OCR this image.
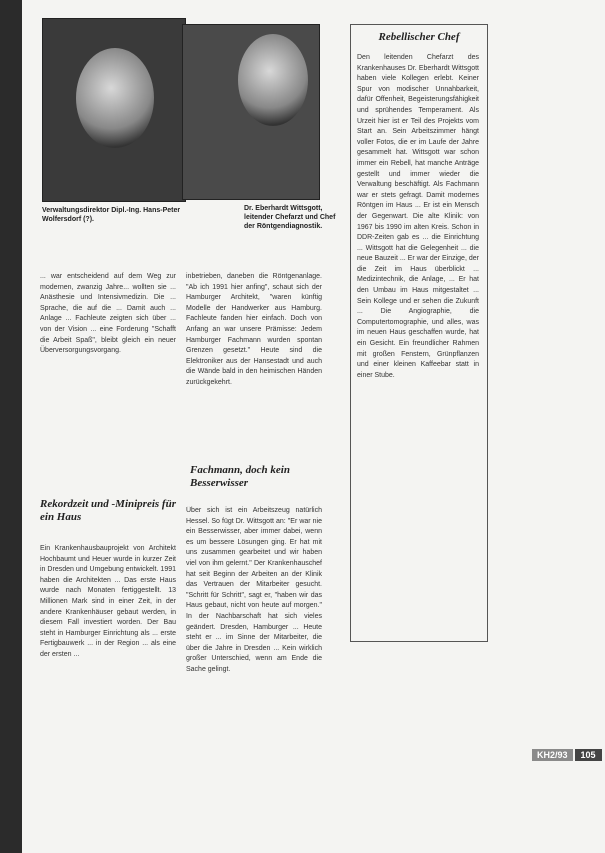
Verwaltungsdirektor Dipl.-Ing. Hans-Peter Wolfersdorf (?).
Dr. Eberhardt Wittsgott, leitender Chefarzt und Chef der Röntgendiagnostik.

... war entscheidend auf dem Weg zur modernen, zwanzig Jahre... wollten sie ... Anästhesie und Intensivmedizin. Die ... Sprache, die auf die ... Damit auch ... Anlage ... Fachleute zeigten sich über ... von der Vision ... eine Forderung "Schafft die Arbeit Spaß", bleibt gleich ein neuer Überversorgungsvorgang.

Rekordzeit und -Minipreis für ein Haus

Ein Krankenhausbauprojekt von Architekt Hochbaumt und Heuer wurde in kurzer Zeit in Dresden und Umgebung entwickelt. 1991 haben die Architekten ... Das erste Haus wurde nach Monaten fertiggestellt. 13 Millionen Mark sind in einer Zeit, in der andere Krankenhäuser gebaut werden, in diesem Fall investiert worden. Der Bau steht in Hamburger Einrichtung als ... erste Fertigbauwerk ... in der Region ... als eine der ersten ...

inbetrieben, daneben die Röntgenanlage. "Ab ich 1991 hier anfing", schaut sich der Hamburger Architekt, "waren künftig Modelle der Handwerker aus Hamburg. Fachleute fanden hier einfach. Doch von Anfang an war unsere Prämisse: Jedem Hamburger Fachmann wurden spontan Grenzen gesetzt." Heute sind die Elektroniker aus der Hansestadt und auch die Wände bald in den heimischen Händen zurückgekehrt.

Fachmann, doch kein Besserwisser

Über sich ist ein Arbeitszeug natürlich Hessel. So fügt Dr. Wittsgott an: "Er war nie ein Besserwisser, aber immer dabei, wenn es um bessere Lösungen ging. Er hat mit uns zusammen gearbeitet und wir haben viel von ihm gelernt." Der Krankenhauschef hat seit Beginn der Arbeiten an der Klinik das Vertrauen der Mitarbeiter gesucht. "Schritt für Schritt", sagt er, "haben wir das Haus gebaut, nicht von heute auf morgen." In der Nachbarschaft hat sich vieles geändert. Dresden, Hamburger ... Heute steht er ... im Sinne der Mitarbeiter, die über die Jahre in Dresden ... Kein wirklich großer Unterschied, wenn am Ende die Sache gelingt.

Rebellischer Chef
Den leitenden Chefarzt des Krankenhauses Dr. Eberhardt Wittsgott haben viele Kollegen erlebt. Keiner Spur von modischer Unnahbarkeit, dafür Offenheit, Begeisterungsfähigkeit und sprühendes Temperament. Als Urzeit hier ist er Teil des Projekts vom Start an. Sein Arbeitszimmer hängt voller Fotos, die er im Laufe der Jahre gesammelt hat. Wittsgott war schon immer ein Rebell, hat manche Anträge gestellt und immer wieder die Verwaltung beschäftigt. Als Fachmann war er stets gefragt. Damit modernes Röntgen im Haus ... Er ist ein Mensch der Gegenwart. Die alte Klinik: von 1967 bis 1990 im alten Kreis. Schon in DDR-Zeiten gab es ... die Einrichtung ... Wittsgott hat die Gelegenheit ... die neue Bauzeit ... Er war der Einzige, der die Zeit im Haus überblickt ... Medizintechnik, die Anlage, ... Er hat den Umbau im Haus mitgestaltet ... Sein Kollege und er sehen die Zukunft ... Die Angiographie, die Computertomographie, und alles, was im neuen Haus geschaffen wurde, hat ein Gesicht. Ein freundlicher Rahmen mit großen Fenstern, Grünpflanzen und einer kleinen Kaffeebar statt in einer Stube.
KH2/93	105
